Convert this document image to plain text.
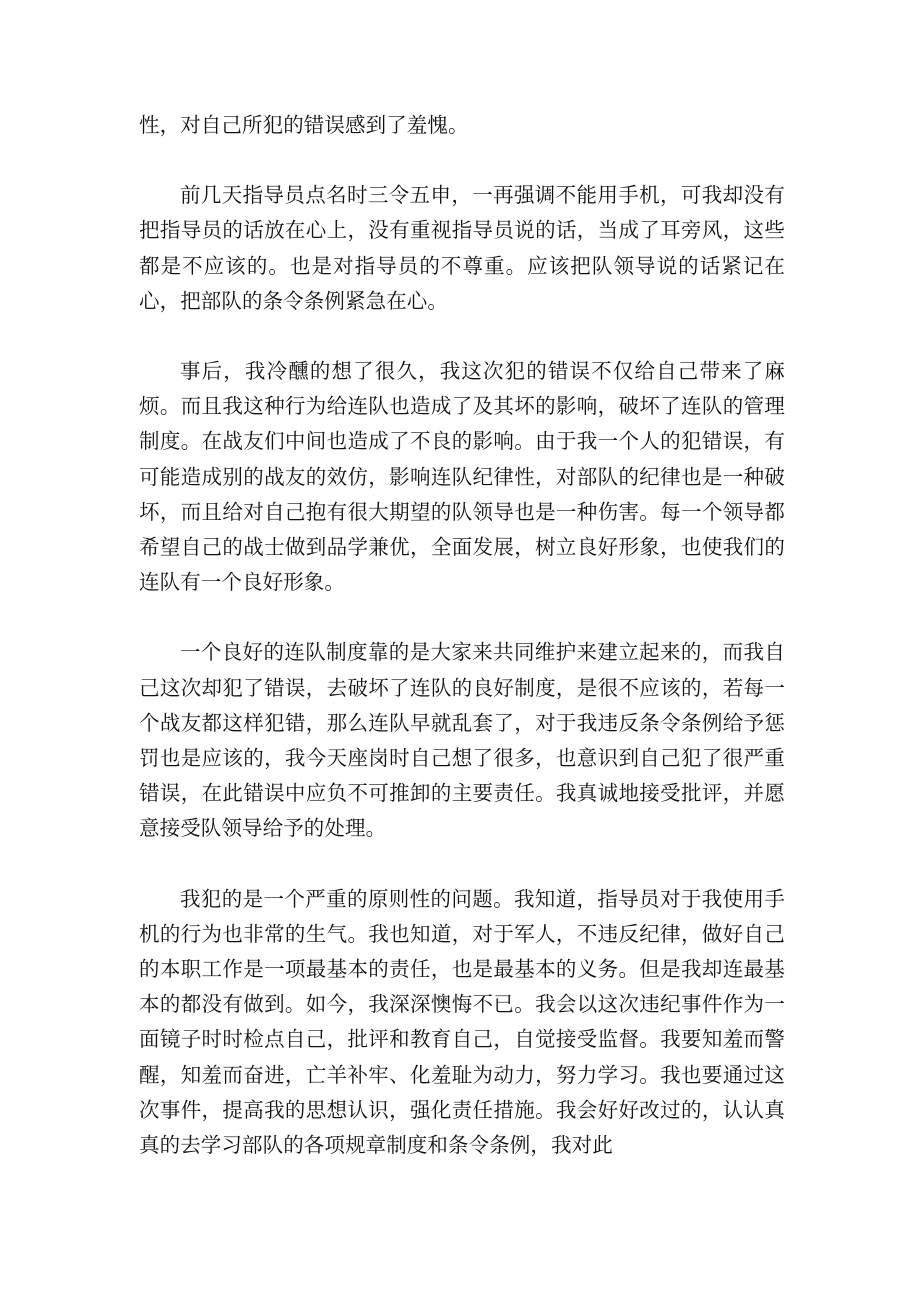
性，对自己所犯的错误感到了羞愧。

前几天指导员点名时三令五申，一再强调不能用手机，可我却没有把指导员的话放在心上，没有重视指导员说的话，当成了耳旁风，这些都是不应该的。也是对指导员的不尊重。应该把队领导说的话紧记在心，把部队的条令条例紧急在心。

事后，我冷醺的想了很久，我这次犯的错误不仅给自己带来了麻烦。而且我这种行为给连队也造成了及其坏的影响，破坏了连队的管理制度。在战友们中间也造成了不良的影响。由于我一个人的犯错误，有可能造成别的战友的效仿，影响连队纪律性，对部队的纪律也是一种破坏，而且给对自己抱有很大期望的队领导也是一种伤害。每一个领导都希望自己的战士做到品学兼优，全面发展，树立良好形象，也使我们的连队有一个良好形象。

一个良好的连队制度靠的是大家来共同维护来建立起来的，而我自己这次却犯了错误，去破坏了连队的良好制度，是很不应该的，若每一个战友都这样犯错，那么连队早就乱套了，对于我违反条令条例给予惩罚也是应该的，我今天座岗时自己想了很多，也意识到自己犯了很严重错误，在此错误中应负不可推卸的主要责任。我真诚地接受批评，并愿意接受队领导给予的处理。

我犯的是一个严重的原则性的问题。我知道，指导员对于我使用手机的行为也非常的生气。我也知道，对于军人，不违反纪律，做好自己的本职工作是一项最基本的责任，也是最基本的义务。但是我却连最基本的都没有做到。如今，我深深懊悔不已。我会以这次违纪事件作为一面镜子时时检点自己，批评和教育自己，自觉接受监督。我要知羞而警醒，知羞而奋进，亡羊补牢、化羞耻为动力，努力学习。我也要通过这次事件，提高我的思想认识，强化责任措施。我会好好改过的，认认真真的去学习部队的各项规章制度和条令条例，我对此
